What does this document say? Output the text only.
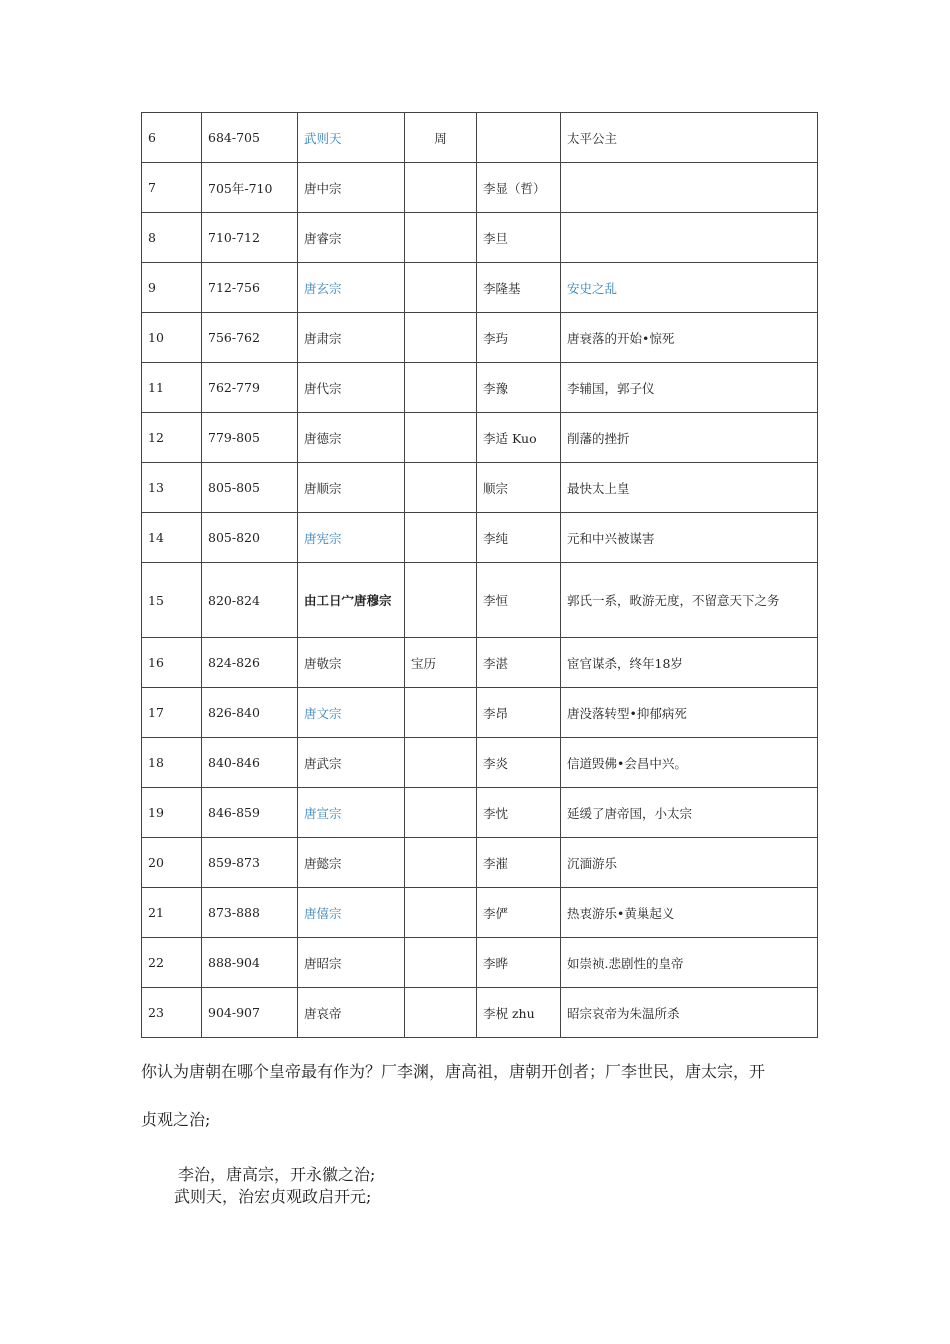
6	684-705	武则天	周		太平公主
7	705年-710	唐中宗		李显（哲）	
8	710-712	唐睿宗		李旦	
9	712-756	唐玄宗		李隆基	安史之乱
10	756-762	唐肃宗		李玙	唐衰落的开始•惊死
11	762-779	唐代宗		李豫	李辅国，郭子仪
12	779-805	唐德宗		李适 Kuo	削藩的挫折
13	805-805	唐顺宗		顺宗	最快太上皇
14	805-820	唐宪宗		李纯	元和中兴被谋害
15	820-824	由工日宀唐穆宗		李恒	郭氏一系，畋游无度，不留意天下之务
16	824-826	唐敬宗	宝历	李湛	宦官谋杀，终年18岁
17	826-840	唐文宗		李昂	唐没落转型•抑郁病死
18	840-846	唐武宗		李炎	信道毁佛•会昌中兴。
19	846-859	唐宣宗		李忱	延缓了唐帝国，小太宗
20	859-873	唐懿宗		李漼	沉湎游乐
21	873-888	唐僖宗		李俨	热衷游乐•黄巢起义
22	888-904	唐昭宗		李晔	如崇祯.悲剧性的皇帝
23	904-907	唐哀帝		李柷 zhu	昭宗哀帝为朱温所杀
你认为唐朝在哪个皇帝最有作为？厂李渊，唐高祖，唐朝开创者；厂李世民，唐太宗，开
贞观之治;
李治，唐高宗，开永徽之治;
武则天，治宏贞观政启开元;
